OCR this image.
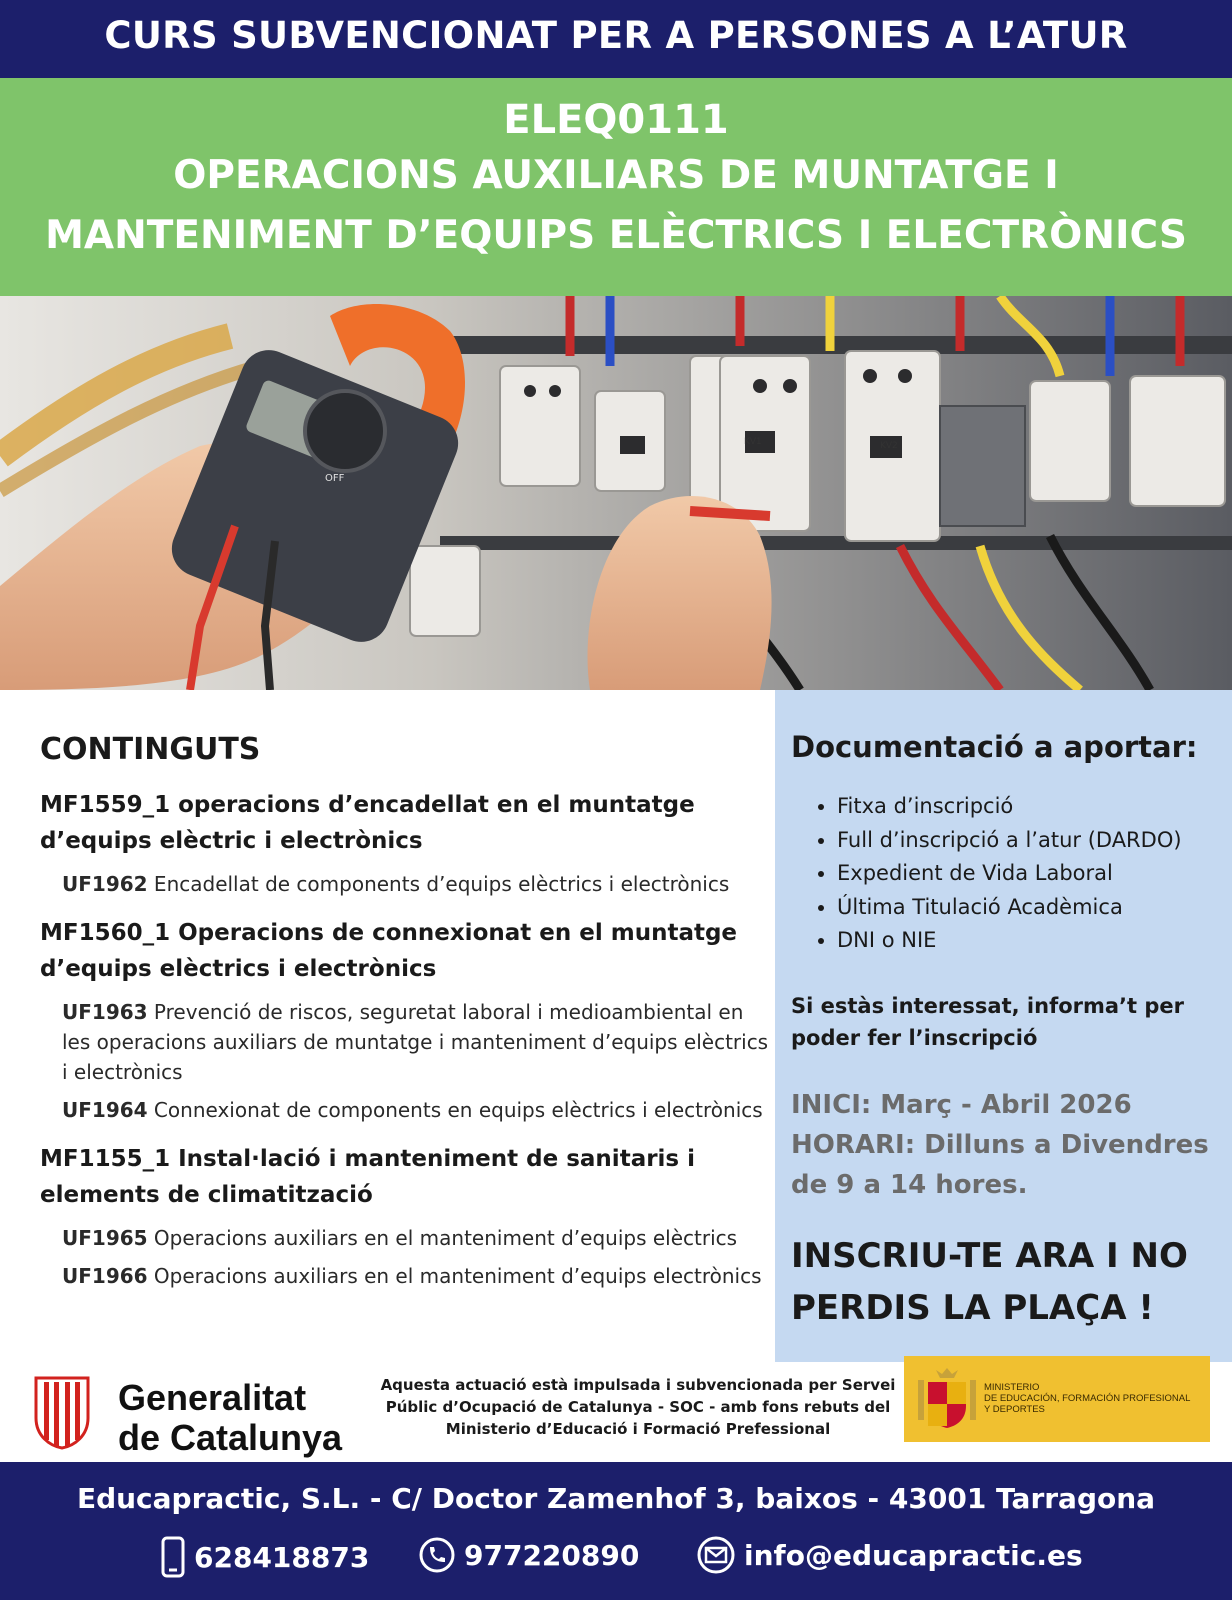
CURS SUBVENCIONAT PER A PERSONES A L’ATUR
ELEQ0111
OPERACIONS AUXILIARS DE MUNTATGE I
MANTENIMENT D’EQUIPS ELÈCTRICS I ELECTRÒNICS
KV1	KV2
OFF
CONTINGUTS
MF1559_1 operacions d’encadellat en el muntatge d’equips elèctric i electrònics
UF1962 Encadellat de components d’equips elèctrics i electrònics
MF1560_1 Operacions de connexionat en el muntatge d’equips elèctrics i electrònics
UF1963 Prevenció de riscos, seguretat laboral i medioambiental en les operacions auxiliars de muntatge i manteniment d’equips elèctrics i electrònics
UF1964 Connexionat de components en equips elèctrics i electrònics
MF1155_1 Instal·lació i manteniment de sanitaris i elements de climatització
UF1965 Operacions auxiliars en el manteniment d’equips elèctrics
UF1966 Operacions auxiliars en el manteniment d’equips electrònics
Documentació a aportar:
• Fitxa d’inscripció
• Full d’inscripció a l’atur (DARDO)
• Expedient de Vida Laboral
• Última Titulació Acadèmica
• DNI o NIE
Si estàs interessat, informa’t per poder fer l’inscripció
INICI: Març - Abril 2026
HORARI: Dilluns a Divendres de 9 a 14 hores.
INSCRIU-TE ARA I NO PERDIS LA PLAÇA !
Generalitat
de Catalunya
Aquesta actuació està impulsada i subvencionada per Servei Públic d’Ocupació de Catalunya - SOC - amb fons rebuts del Ministerio d’Educació i Formació Prefessional
MINISTERIO
DE EDUCACIÓN, FORMACIÓN PROFESIONAL
Y DEPORTES
Educapractic, S.L. - C/ Doctor Zamenhof 3, baixos - 43001 Tarragona
628418873	977220890	info@educapractic.es
